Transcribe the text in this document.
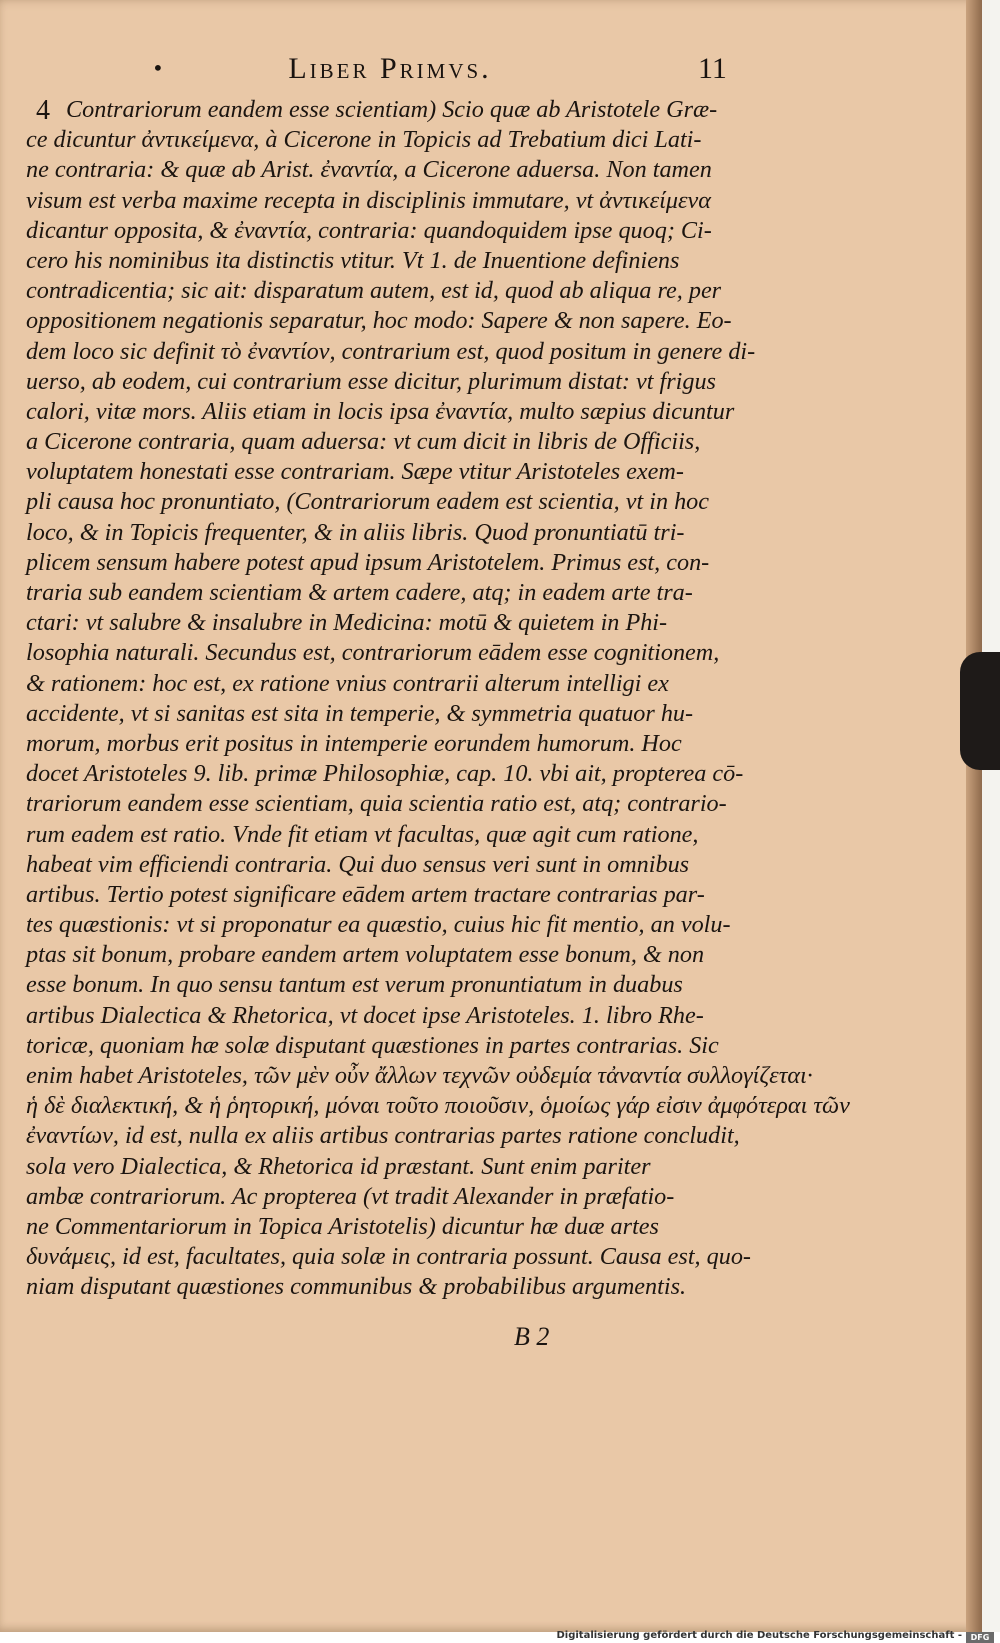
•	Liber Primvs.	11
Contrariorum eandem esse scientiam) Scio quæ ab Aristotele Græ-
ce dicuntur ἀντικείμενα, à Cicerone in Topicis ad Trebatium dici Lati-
ne contraria: & quæ ab Arist. ἐναντία, a Cicerone aduersa. Non tamen
visum est verba maxime recepta in disciplinis immutare, vt ἀντικείμενα
dicantur opposita, & ἐναντία, contraria: quandoquidem ipse quoq; Ci-
cero his nominibus ita distinctis vtitur. Vt 1. de Inuentione definiens
contradicentia; sic ait: disparatum autem, est id, quod ab aliqua re, per
oppositionem negationis separatur, hoc modo: Sapere & non sapere. Eo-
dem loco sic definit τὸ ἐναντίον, contrarium est, quod positum in genere di-
uerso, ab eodem, cui contrarium esse dicitur, plurimum distat: vt frigus
calori, vitæ mors. Aliis etiam in locis ipsa ἐναντία, multo sæpius dicuntur
a Cicerone contraria, quam aduersa: vt cum dicit in libris de Officiis,
voluptatem honestati esse contrariam. Sæpe vtitur Aristoteles exem-
pli causa hoc pronuntiato, (Contrariorum eadem est scientia, vt in hoc
loco, & in Topicis frequenter, & in aliis libris. Quod pronuntiatū tri-
plicem sensum habere potest apud ipsum Aristotelem. Primus est, con-
traria sub eandem scientiam & artem cadere, atq; in eadem arte tra-
ctari: vt salubre & insalubre in Medicina: motū & quietem in Phi-
losophia naturali. Secundus est, contrariorum eādem esse cognitionem,
& rationem: hoc est, ex ratione vnius contrarii alterum intelligi ex
accidente, vt si sanitas est sita in temperie, & symmetria quatuor hu-
morum, morbus erit positus in intemperie eorundem humorum. Hoc
docet Aristoteles 9. lib. primæ Philosophiæ, cap. 10. vbi ait, propterea cō-
trariorum eandem esse scientiam, quia scientia ratio est, atq; contrario-
rum eadem est ratio. Vnde fit etiam vt facultas, quæ agit cum ratione,
habeat vim efficiendi contraria. Qui duo sensus veri sunt in omnibus
artibus. Tertio potest significare eādem artem tractare contrarias par-
tes quæstionis: vt si proponatur ea quæstio, cuius hic fit mentio, an volu-
ptas sit bonum, probare eandem artem voluptatem esse bonum, & non
esse bonum. In quo sensu tantum est verum pronuntiatum in duabus
artibus Dialectica & Rhetorica, vt docet ipse Aristoteles. 1. libro Rhe-
toricæ, quoniam hæ solæ disputant quæstiones in partes contrarias. Sic
enim habet Aristoteles, τῶν μὲν οὖν ἄλλων τεχνῶν οὐδεμία τἀναντία συλλογίζεται·
ἡ δὲ διαλεκτική, & ἡ ῥητορική, μόναι τοῦτο ποιοῦσιν, ὁμοίως γάρ εἰσιν ἀμφότεραι τῶν
ἐναντίων, id est, nulla ex aliis artibus contrarias partes ratione concludit,
sola vero Dialectica, & Rhetorica id præstant. Sunt enim pariter
ambæ contrariorum. Ac propterea (vt tradit Alexander in præfatio-
ne Commentariorum in Topica Aristotelis) dicuntur hæ duæ artes
δυνάμεις, id est, facultates, quia solæ in contraria possunt. Causa est, quo-
niam disputant quæstiones communibus & probabilibus argumentis.
4
B 2
Digitalisierung gefördert durch die Deutsche Forschungsgemeinschaft -	DFG
